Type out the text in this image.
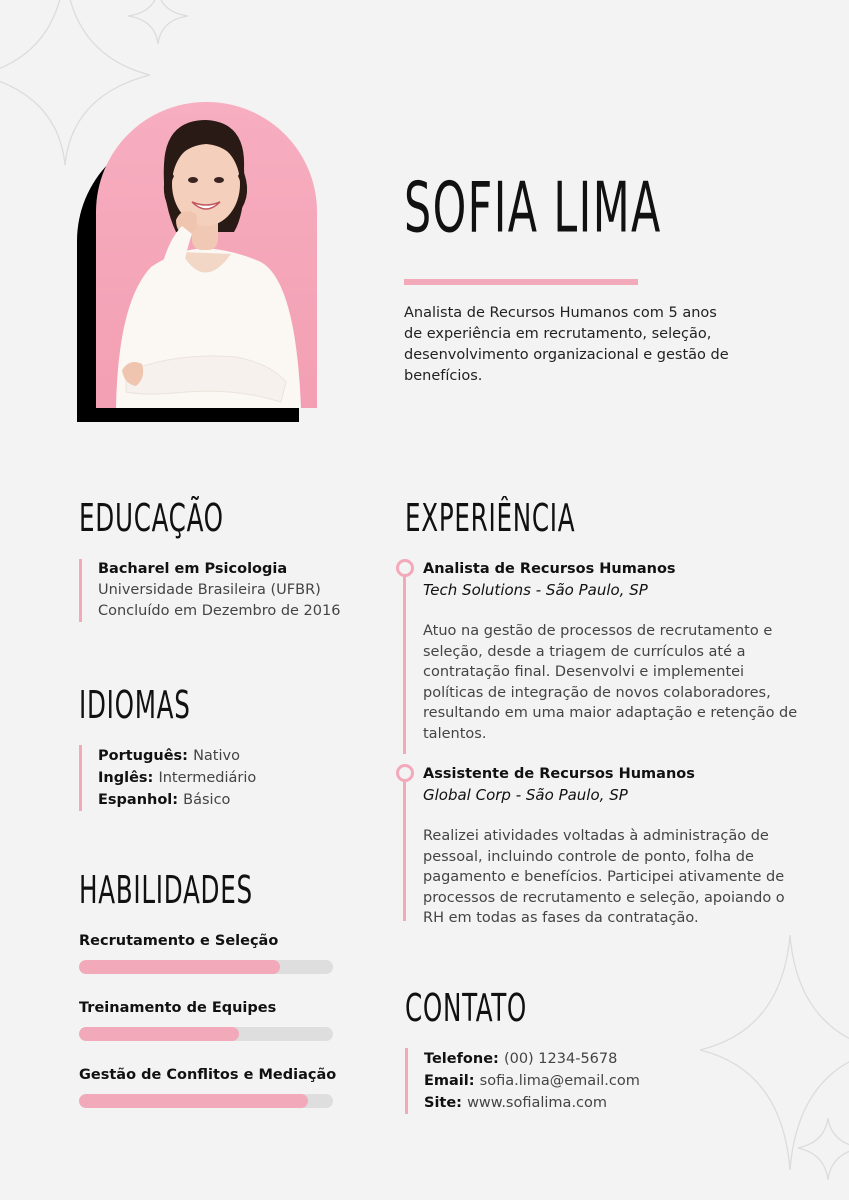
SOFIA LIMA

Analista de Recursos Humanos com 5 anos de experiência em recrutamento, seleção, desenvolvimento organizacional e gestão de benefícios.

EDUCAÇÃO
Bacharel em Psicologia
Universidade Brasileira (UFBR)
Concluído em Dezembro de 2016
IDIOMAS
Português: Nativo
Inglês: Intermediário
Espanhol: Básico
HABILIDADES
Recrutamento e Seleção
Treinamento de Equipes
Gestão de Conflitos e Mediação
EXPERIÊNCIA
Analista de Recursos Humanos
Tech Solutions - São Paulo, SP

Atuo na gestão de processos de recrutamento e seleção, desde a triagem de currículos até a contratação final. Desenvolvi e implementei políticas de integração de novos colaboradores, resultando em uma maior adaptação e retenção de talentos.

Assistente de Recursos Humanos
Global Corp - São Paulo, SP

Realizei atividades voltadas à administração de pessoal, incluindo controle de ponto, folha de pagamento e benefícios. Participei ativamente de processos de recrutamento e seleção, apoiando o RH em todas as fases da contratação.

CONTATO
Telefone: (00) 1234-5678
Email: sofia.lima@email.com
Site: www.sofialima.com
